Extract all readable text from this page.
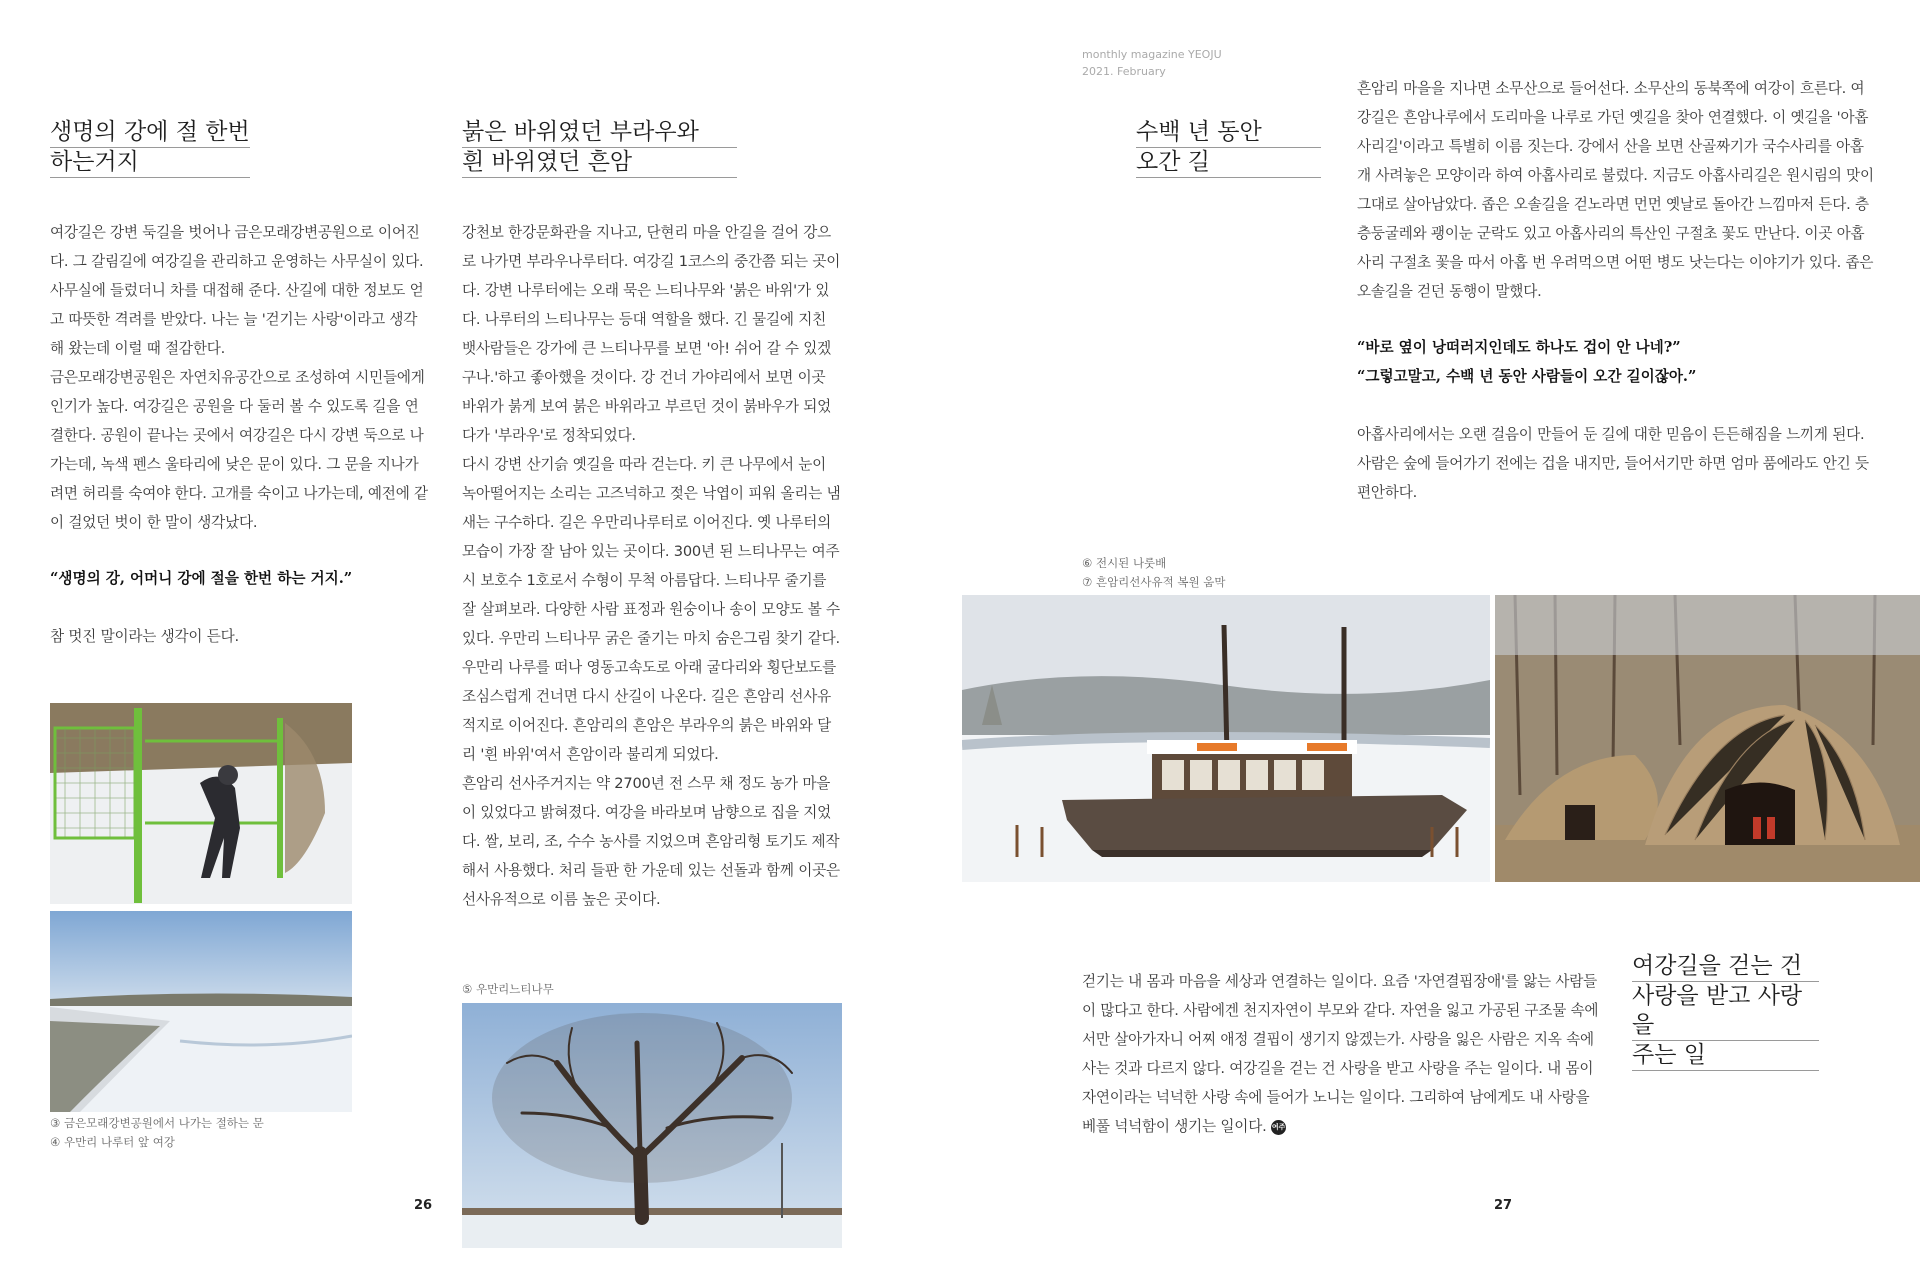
생명의 강에 절 한번
하는거지

여강길은 강변 둑길을 벗어나 금은모래강변공원으로 이어진다. 그 갈림길에 여강길을 관리하고 운영하는 사무실이 있다. 사무실에 들렀더니 차를 대접해 준다. 산길에 대한 정보도 얻고 따뜻한 격려를 받았다. 나는 늘 '걷기는 사랑'이라고 생각해 왔는데 이럴 때 절감한다.

금은모래강변공원은 자연치유공간으로 조성하여 시민들에게 인기가 높다. 여강길은 공원을 다 둘러 볼 수 있도록 길을 연결한다. 공원이 끝나는 곳에서 여강길은 다시 강변 둑으로 나가는데, 녹색 펜스 울타리에 낮은 문이 있다. 그 문을 지나가려면 허리를 숙여야 한다. 고개를 숙이고 나가는데, 예전에 같이 걸었던 벗이 한 말이 생각났다.

“생명의 강, 어머니 강에 절을 한번 하는 거지.”
참 멋진 말이라는 생각이 든다.
③ 금은모래강변공원에서 나가는 절하는 문
④ 우만리 나루터 앞 여강
붉은 바위였던 부라우와
흰 바위였던 흔암

강천보 한강문화관을 지나고, 단현리 마을 안길을 걸어 강으로 나가면 부라우나루터다. 여강길 1코스의 중간쯤 되는 곳이다. 강변 나루터에는 오래 묵은 느티나무와 '붉은 바위'가 있다. 나루터의 느티나무는 등대 역할을 했다. 긴 물길에 지친 뱃사람들은 강가에 큰 느티나무를 보면 '아! 쉬어 갈 수 있겠구나.'하고 좋아했을 것이다. 강 건너 가야리에서 보면 이곳 바위가 붉게 보여 붉은 바위라고 부르던 것이 붉바우가 되었다가 '부라우'로 정착되었다.

다시 강변 산기슭 옛길을 따라 걷는다. 키 큰 나무에서 눈이 녹아떨어지는 소리는 고즈넉하고 젖은 낙엽이 피워 올리는 냄새는 구수하다. 길은 우만리나루터로 이어진다. 옛 나루터의 모습이 가장 잘 남아 있는 곳이다. 300년 된 느티나무는 여주시 보호수 1호로서 수형이 무척 아름답다. 느티나무 줄기를 잘 살펴보라. 다양한 사람 표정과 원숭이나 송이 모양도 볼 수 있다. 우만리 느티나무 굵은 줄기는 마치 숨은그림 찾기 같다.

우만리 나루를 떠나 영동고속도로 아래 굴다리와 횡단보도를 조심스럽게 건너면 다시 산길이 나온다. 길은 흔암리 선사유적지로 이어진다. 흔암리의 흔암은 부라우의 붉은 바위와 달리 '흰 바위'여서 흔암이라 불리게 되었다.

흔암리 선사주거지는 약 2700년 전 스무 채 정도 농가 마을이 있었다고 밝혀졌다. 여강을 바라보며 남향으로 집을 지었다. 쌀, 보리, 조, 수수 농사를 지었으며 흔암리형 토기도 제작해서 사용했다. 처리 들판 한 가운데 있는 선돌과 함께 이곳은 선사유적으로 이름 높은 곳이다.

⑤ 우만리느티나무
26
monthly magazine YEOJU
2021. February
수백 년 동안
오간 길
흔암리 마을을 지나면 소무산으로 들어선다. 소무산의 동북쪽에 여강이 흐른다. 여강길은 흔암나루에서 도리마을 나루로 가던 옛길을 찾아 연결했다. 이 옛길을 '아홉사리길'이라고 특별히 이름 짓는다. 강에서 산을 보면 산골짜기가 국수사리를 아홉 개 사려놓은 모양이라 하여 아홉사리로 불렀다. 지금도 아홉사리길은 원시림의 맛이 그대로 살아남았다. 좁은 오솔길을 걷노라면 먼먼 옛날로 돌아간 느낌마저 든다. 층층둥굴레와 괭이눈 군락도 있고 아홉사리의 특산인 구절초 꽃도 만난다. 이곳 아홉사리 구절초 꽃을 따서 아홉 번 우려먹으면 어떤 병도 낫는다는 이야기가 있다. 좁은 오솔길을 걷던 동행이 말했다.
“바로 옆이 낭떠러지인데도 하나도 겁이 안 나네?”
“그렇고말고, 수백 년 동안 사람들이 오간 길이잖아.”
아홉사리에서는 오랜 걸음이 만들어 둔 길에 대한 믿음이 든든해짐을 느끼게 된다. 사람은 숲에 들어가기 전에는 겁을 내지만, 들어서기만 하면 엄마 품에라도 안긴 듯 편안하다.
⑥ 전시된 나룻배
⑦ 흔암리선사유적 복원 움막
걷기는 내 몸과 마음을 세상과 연결하는 일이다. 요즘 '자연결핍장애'를 앓는 사람들이 많다고 한다. 사람에겐 천지자연이 부모와 같다. 자연을 잃고 가공된 구조물 속에서만 살아가자니 어찌 애정 결핍이 생기지 않겠는가. 사랑을 잃은 사람은 지옥 속에 사는 것과 다르지 않다. 여강길을 걷는 건 사랑을 받고 사랑을 주는 일이다. 내 몸이 자연이라는 넉넉한 사랑 속에 들어가 노니는 일이다. 그리하여 남에게도 내 사랑을 베풀 넉넉함이 생기는 일이다. 여주
여강길을 걷는 건
사랑을 받고 사랑을
주는 일
27
